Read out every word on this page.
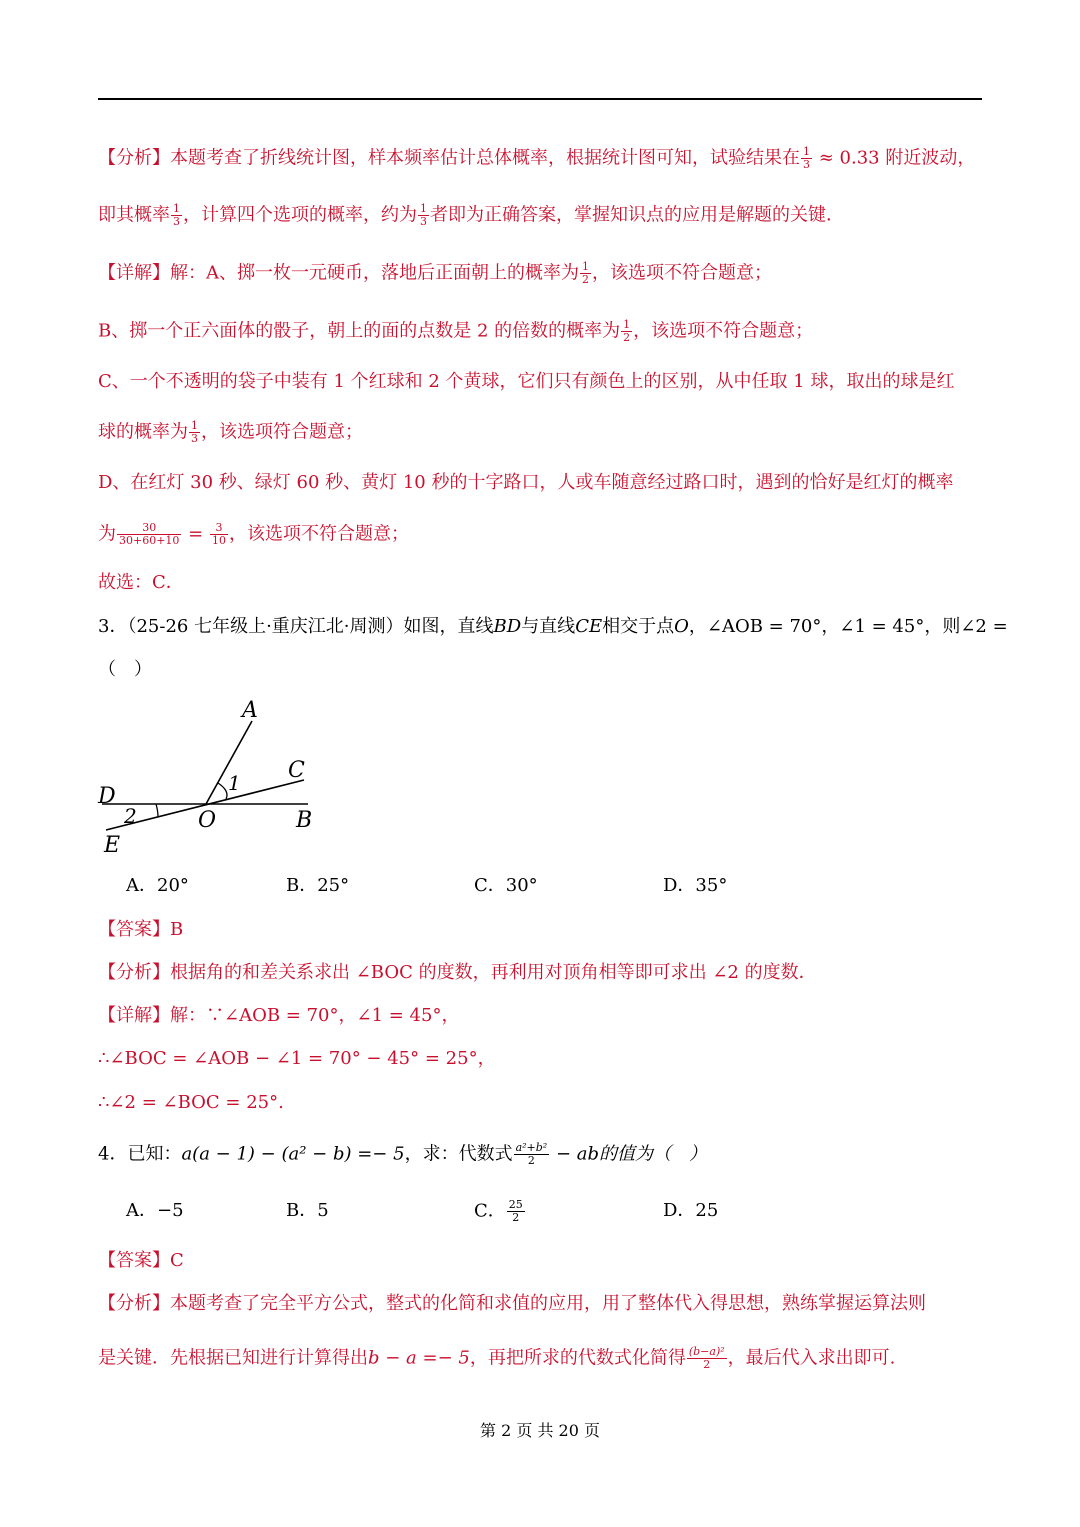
【分析】本题考查了折线统计图，样本频率估计总体概率，根据统计图可知，试验结果在 $\frac{1}{3} \approx 0.33$ 附近波动，
即其概率 $\frac{1}{3}$ ，计算四个选项的概率，约为 $\frac{1}{3}$ 者即为正确答案，掌握知识点的应用是解题的关键．
【详解】解：A、掷一枚一元硬币，落地后正面朝上的概率为 $\frac{1}{2}$ ，该选项不符合题意；
B、掷一个正六面体的骰子，朝上的面的点数是 2 的倍数的概率为 $\frac{1}{2}$ ，该选项不符合题意；
C、一个不透明的袋子中装有 1 个红球和 2 个黄球，它们只有颜色上的区别，从中任取 1 球，取出的球是红
球的概率为 $\frac{1}{3}$ ，该选项符合题意；
D、在红灯 30 秒、绿灯 60 秒、黄灯 10 秒的十字路口，人或车随意经过路口时，遇到的恰好是红灯的概率
为 $\frac{30}{30+60+10} = \frac{3}{10}$ ，该选项不符合题意；
故选：C．
3．（25-26 七年级上·重庆江北·周测）如图，直线BD与直线CE相交于点O，∠AOB = 70°，∠1 = 45°，则∠2 =
（　）
A
C
D
O	B
E
1
2
A．20°	B．25°	C．30°	D．35°
【答案】B
【分析】根据角的和差关系求出 ∠BOC 的度数，再利用对顶角相等即可求出 ∠2 的度数．
【详解】解：∵∠AOB = 70°，∠1 = 45°，
∴∠BOC = ∠AOB − ∠1 = 70° − 45° = 25°，
∴∠2 = ∠BOC = 25°.
4．已知：a(a − 1) − (a² − b) =− 5，求：代数式 $\frac{\text{a²+b²}}{2}$ − ab的值为（　）
A．−5	B．5	C． $\frac{25}{2}$	D．25
【答案】C
【分析】本题考查了完全平方公式，整式的化简和求值的应用，用了整体代入得思想，熟练掌握运算法则
是关键．先根据已知进行计算得出b − a =− 5，再把所求的代数式化简得 $\frac{\text{(b−a)²}}{2}$ ，最后代入求出即可.
第 2 页 共 20 页
